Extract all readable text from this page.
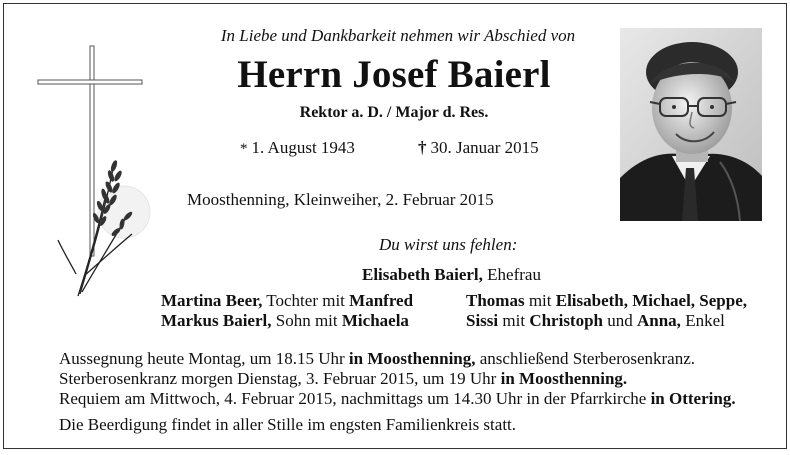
In Liebe und Dankbarkeit nehmen wir Abschied von
Herrn Josef Baierl
Rektor a. D. / Major d. Res.
* 1. August 1943	† 30. Januar 2015
Moosthenning, Kleinweiher, 2. Februar 2015
Du wirst uns fehlen:
Elisabeth Baierl, Ehefrau
Martina Beer, Tochter mit Manfred
Markus Baierl, Sohn mit Michaela
Thomas mit Elisabeth, Michael, Seppe,
Sissi mit Christoph und Anna, Enkel
Aussegnung heute Montag, um 18.15 Uhr in Moosthenning, anschließend Sterberosenkranz.
Sterberosenkranz morgen Dienstag, 3. Februar 2015, um 19 Uhr in Moosthenning.
Requiem am Mittwoch, 4. Februar 2015, nachmittags um 14.30 Uhr in der Pfarrkirche in Ottering.
Die Beerdigung findet in aller Stille im engsten Familienkreis statt.
